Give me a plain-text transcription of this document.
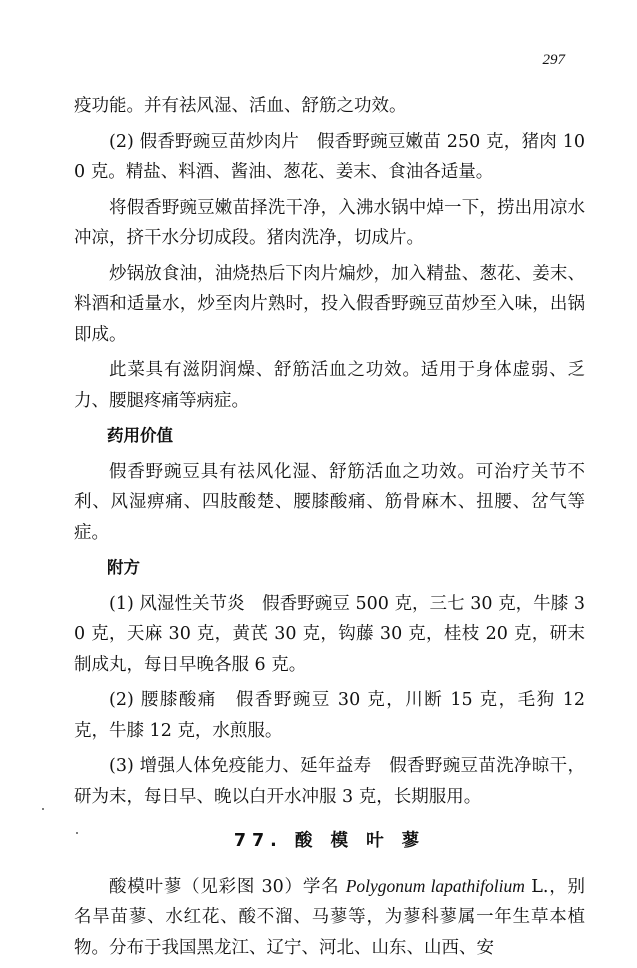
297

疫功能。并有祛风湿、活血、舒筋之功效。

(2) 假香野豌豆苗炒肉片　假香野豌豆嫩苗 250 克，猪肉 100 克。精盐、料酒、酱油、葱花、姜末、食油各适量。

将假香野豌豆嫩苗择洗干净，入沸水锅中焯一下，捞出用凉水冲凉，挤干水分切成段。猪肉洗净，切成片。

炒锅放食油，油烧热后下肉片煸炒，加入精盐、葱花、姜末、料酒和适量水，炒至肉片熟时，投入假香野豌豆苗炒至入味，出锅即成。

此菜具有滋阴润燥、舒筋活血之功效。适用于身体虚弱、乏力、腰腿疼痛等病症。

药用价值

假香野豌豆具有祛风化湿、舒筋活血之功效。可治疗关节不利、风湿痹痛、四肢酸楚、腰膝酸痛、筋骨麻木、扭腰、岔气等症。

附方

(1) 风湿性关节炎　假香野豌豆 500 克，三七 30 克，牛膝 30 克，天麻 30 克，黄芪 30 克，钩藤 30 克，桂枝 20 克，研末制成丸，每日早晚各服 6 克。

(2) 腰膝酸痛　假香野豌豆 30 克，川断 15 克，毛狗 12 克，牛膝 12 克，水煎服。

(3) 增强人体免疫能力、延年益寿　假香野豌豆苗洗净晾干，研为末，每日早、晚以白开水冲服 3 克，长期服用。

77. 酸 模 叶 蓼

酸模叶蓼（见彩图 30）学名 Polygonum lapathifolium L.，别名旱苗蓼、水红花、酸不溜、马蓼等，为蓼科蓼属一年生草本植物。分布于我国黑龙江、辽宁、河北、山东、山西、安
